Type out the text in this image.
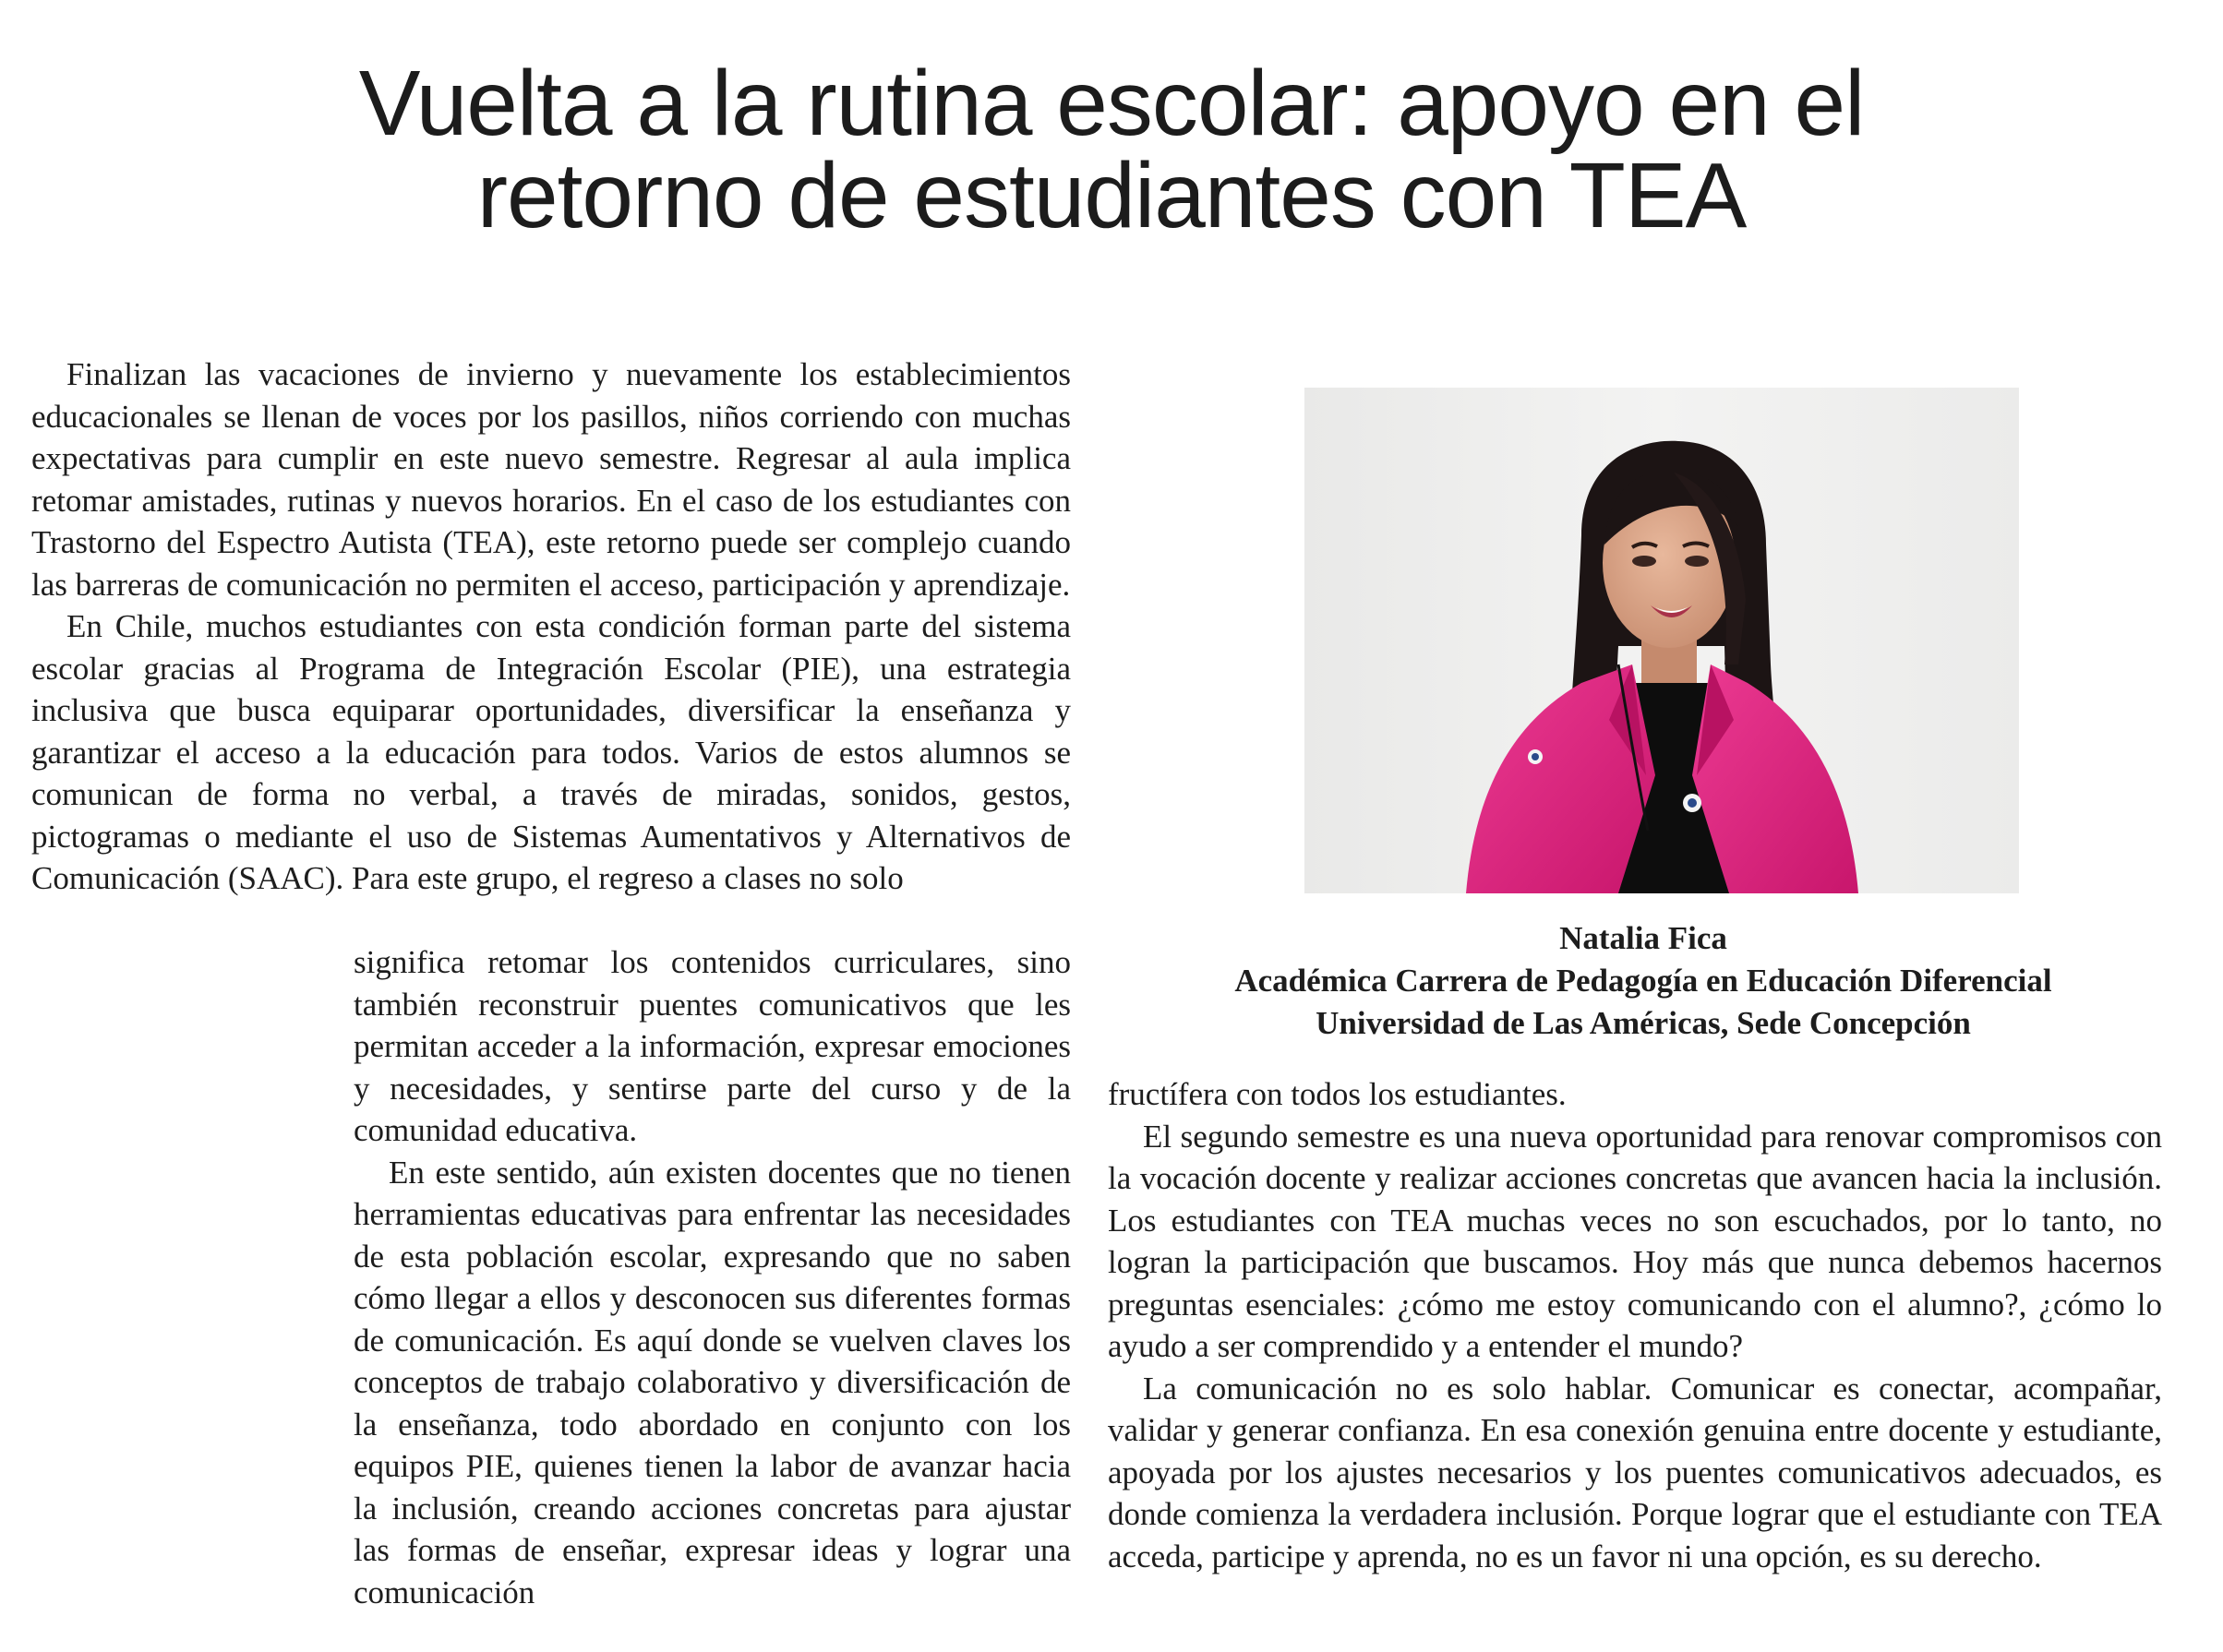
Vuelta a la rutina escolar: apoyo en el
retorno de estudiantes con TEA

Finalizan las vacaciones de invierno y nuevamente los establecimientos educacionales se llenan de voces por los pasillos, niños corriendo con muchas expectativas para cumplir en este nuevo semestre. Regresar al aula implica retomar amistades, rutinas y nuevos horarios. En el caso de los estudiantes con Trastorno del Espectro Autista (TEA), este retorno puede ser complejo cuando las barreras de comunicación no permiten el acceso, participación y aprendizaje.

En Chile, muchos estudiantes con esta condición forman parte del sistema escolar gracias al Programa de Integración Escolar (PIE), una estrategia inclusiva que busca equiparar oportunidades, diversificar la enseñanza y garantizar el acceso a la educación para todos. Varios de estos alumnos se comunican de forma no verbal, a través de miradas, sonidos, gestos, pictogramas o mediante el uso de Sistemas Aumentativos y Alternativos de Comunicación (SAAC). Para este grupo, el regreso a clases no solo

significa retomar los contenidos curriculares, sino también reconstruir puentes comunicativos que les permitan acceder a la información, expresar emociones y necesidades, y sentirse parte del curso y de la comunidad educativa.

En este sentido, aún existen docentes que no tienen herramientas educativas para enfrentar las necesidades de esta población escolar, expresando que no saben cómo llegar a ellos y desconocen sus diferentes formas de comunicación. Es aquí donde se vuelven claves los conceptos de trabajo colaborativo y diversificación de la enseñanza, todo abordado en conjunto con los equipos PIE, quienes tienen la labor de avanzar hacia la inclusión, creando acciones concretas para ajustar las formas de enseñar, expresar ideas y lograr una comunicación

Natalia Fica
Académica Carrera de Pedagogía en Educación Diferencial
Universidad de Las Américas, Sede Concepción

fructífera con todos los estudiantes.

El segundo semestre es una nueva oportunidad para renovar compromisos con la vocación docente y realizar acciones concretas que avancen hacia la inclusión. Los estudiantes con TEA muchas veces no son escuchados, por lo tanto, no logran la participación que buscamos. Hoy más que nunca debemos hacernos preguntas esenciales: ¿cómo me estoy comunicando con el alumno?, ¿cómo lo ayudo a ser comprendido y a entender el mundo?

La comunicación no es solo hablar. Comunicar es conectar, acompañar, validar y generar confianza. En esa conexión genuina entre docente y estudiante, apoyada por los ajustes necesarios y los puentes comunicativos adecuados, es donde comienza la verdadera inclusión. Porque lograr que el estudiante con TEA acceda, participe y aprenda, no es un favor ni una opción, es su derecho.
